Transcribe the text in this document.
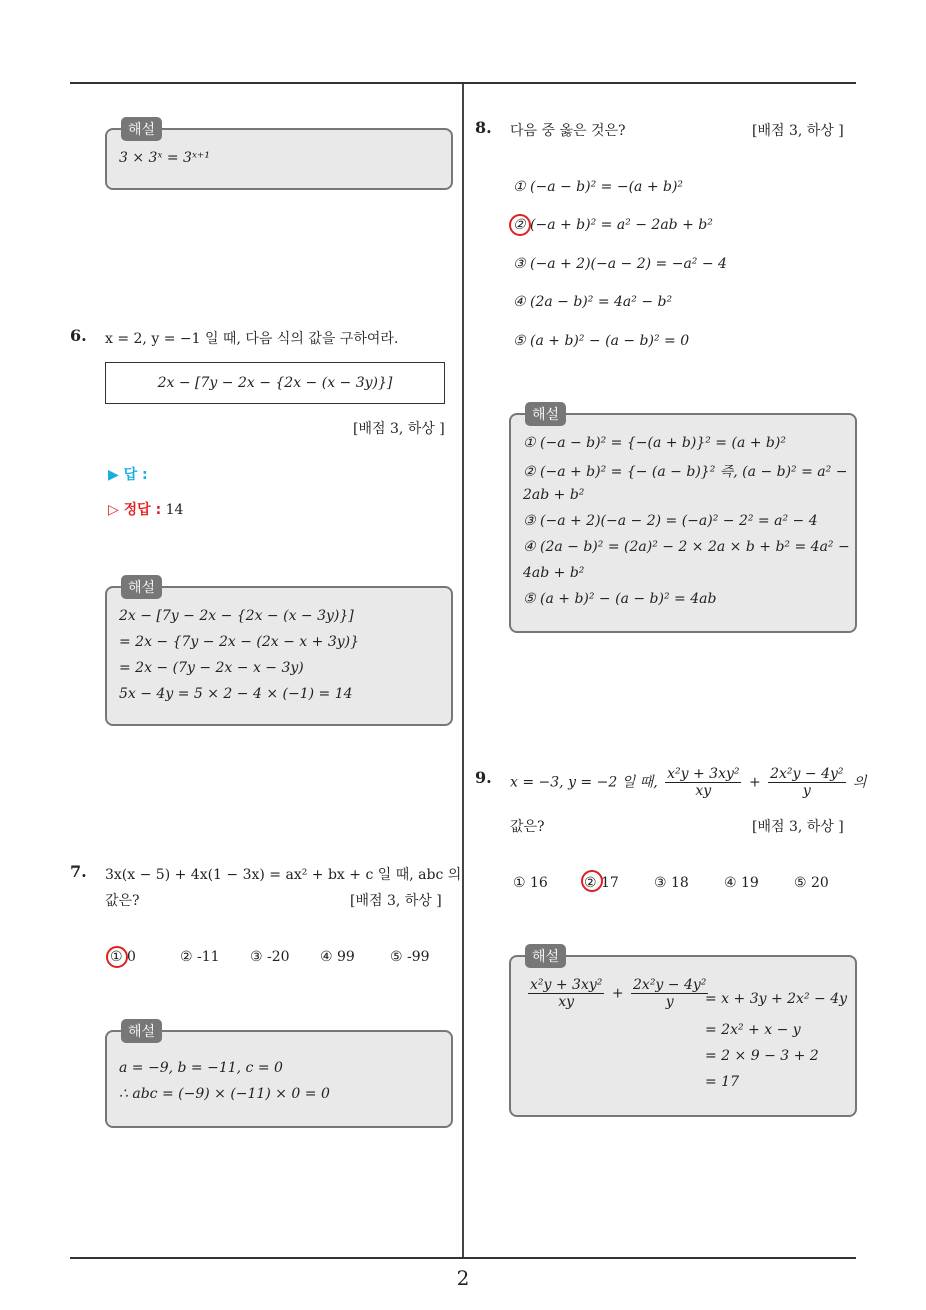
2
해설
3 × 3ˣ = 3ˣ⁺¹
6. x = 2, y = −1 일 때, 다음 식의 값을 구하여라.
2x − [7y − 2x − {2x − (x − 3y)}]
[배점 3, 하상 ]
▶ 답 :
▷ 정답 : 14
해설
2x − [7y − 2x − {2x − (x − 3y)}]
= 2x − {7y − 2x − (2x − x + 3y)}
= 2x − (7y − 2x − x − 3y)
5x − 4y = 5 × 2 − 4 × (−1) = 14
7. 3x(x − 5) + 4x(1 − 3x) = ax² + bx + c 일 때, abc 의
값은?	[배점 3, 하상 ]
① 0	② -11 ③ -20 ④ 99	⑤ -99
해설
a = −9, b = −11, c = 0
∴ abc = (−9) × (−11) × 0 = 0
8. 다음 중 옳은 것은?	[배점 3, 하상 ]
① (−a − b)² = −(a + b)²
② (−a + b)² = a² − 2ab + b²
③ (−a + 2)(−a − 2) = −a² − 4
④ (2a − b)² = 4a² − b²
⑤ (a + b)² − (a − b)² = 0
해설
① (−a − b)² = {−(a + b)}² = (a + b)²
② (−a + b)² = {− (a − b)}² 즉, (a − b)² = a² −
2ab + b²
③ (−a + 2)(−a − 2) = (−a)² − 2² = a² − 4
④ (2a − b)² = (2a)² − 2 × 2a × b + b² = 4a² −
4ab + b²
⑤ (a + b)² − (a − b)² = 4ab
9. x = −3, y = −2 일 때, $\frac{\text{x²y + 3xy²}}{xy} + \frac{\text{2x²y − 4y²}}{y}$ 의
값은?	[배점 3, 하상 ]
① 16	② 17	③ 18	④ 19	⑤ 20
해설
$\frac{\text{x²y + 3xy²}}{xy} + \frac{\text{2x²y − 4y²}}{y}$
= x + 3y + 2x² − 4y
= 2x² + x − y
= 2 × 9 − 3 + 2
= 17
